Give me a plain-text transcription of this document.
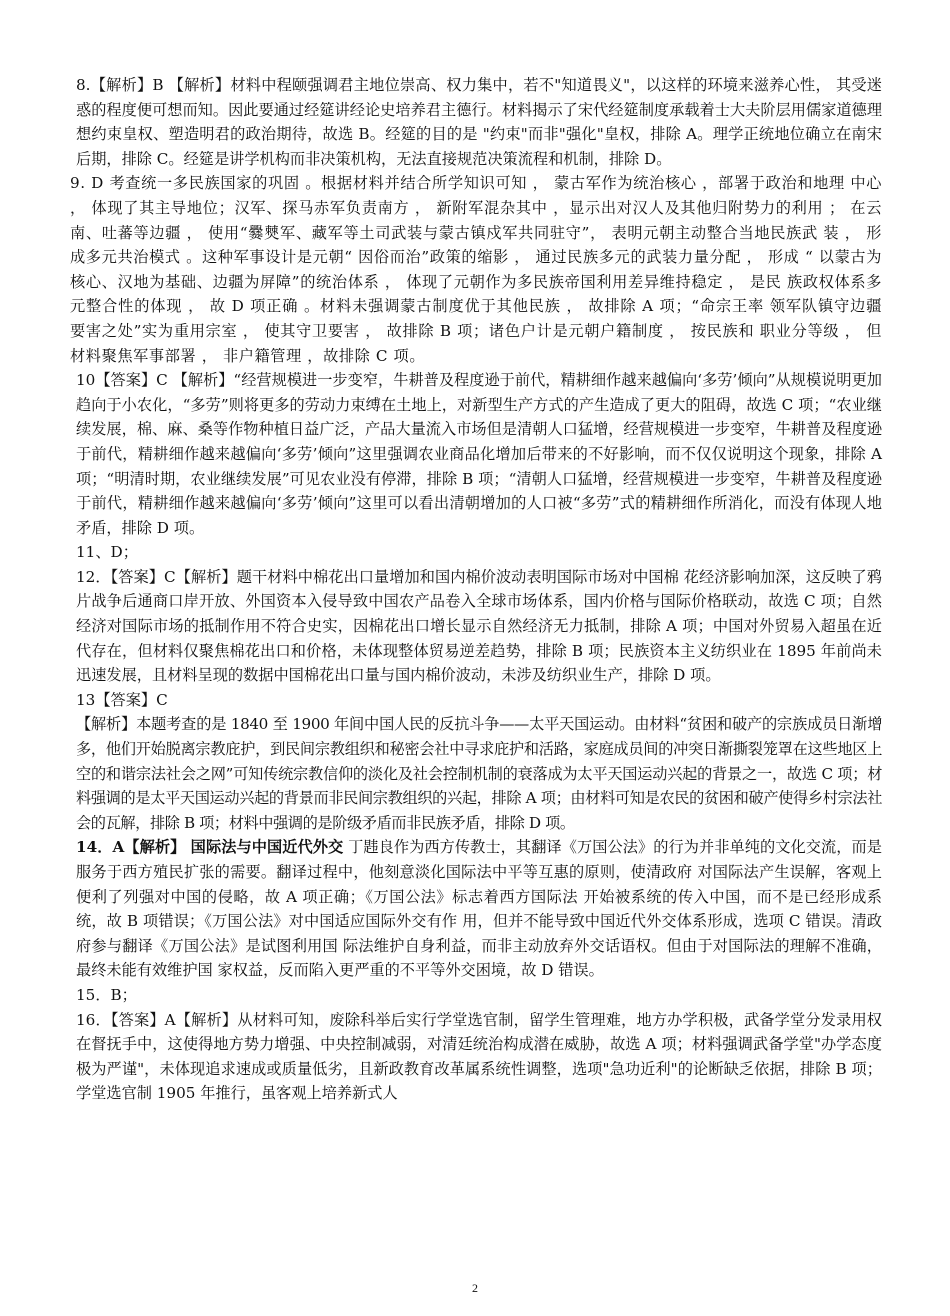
8.【解析】B 【解析】材料中程颐强调君主地位崇高、权力集中，若不"知道畏义"，以这样的环境来滋养心性， 其受迷惑的程度便可想而知。因此要通过经筵讲经论史培养君主德行。材料揭示了宋代经筵制度承载着士大夫阶层用儒家道德理想约束皇权、塑造明君的政治期待，故选 B。经筵的目的是 "约束"而非"强化"皇权，排除 A。理学正统地位确立在南宋后期，排除 C。经筵是讲学机构而非决策机构，无法直接规范决策流程和机制，排除 D。

9. D 考查统一多民族国家的巩固 。根据材料并结合所学知识可知 ， 蒙古军作为统治核心 ，部署于政治和地理 中心 ， 体现了其主导地位；汉军、探马赤军负责南方 ， 新附军混杂其中 ，显示出对汉人及其他归附势力的利用 ； 在云南、吐蕃等边疆 ， 使用“爨僰军、藏军等土司武装与蒙古镇戍军共同驻守”， 表明元朝主动整合当地民族武 装 ， 形成多元共治模式 。这种军事设计是元朝“ 因俗而治”政策的缩影 ， 通过民族多元的武装力量分配 ， 形成 “ 以蒙古为核心、汉地为基础、边疆为屏障”的统治体系 ， 体现了元朝作为多民族帝国利用差异维持稳定 ， 是民 族政权体系多元整合性的体现 ， 故 D 项正确 。材料未强调蒙古制度优于其他民族 ， 故排除 A 项；“命宗王率 领军队镇守边疆要害之处”实为重用宗室 ， 使其守卫要害 ， 故排除 B 项；诸色户计是元朝户籍制度 ， 按民族和 职业分等级 ， 但材料聚焦军事部署 ， 非户籍管理 ，故排除 C 项。

10【答案】C 【解析】“经营规模进一步变窄，牛耕普及程度逊于前代，精耕细作越来越偏向‘多劳’倾向”从规模说明更加趋向于小农化，“多劳”则将更多的劳动力束缚在土地上，对新型生产方式的产生造成了更大的阻碍，故选 C 项；“农业继续发展，棉、麻、桑等作物种植日益广泛，产品大量流入市场但是清朝人口猛增，经营规模进一步变窄，牛耕普及程度逊于前代，精耕细作越来越偏向‘多劳’倾向”这里强调农业商品化增加后带来的不好影响，而不仅仅说明这个现象，排除 A 项；“明清时期，农业继续发展”可见农业没有停滞，排除 B 项；“清朝人口猛增，经营规模进一步变窄，牛耕普及程度逊于前代，精耕细作越来越偏向‘多劳’倾向”这里可以看出清朝增加的人口被“多劳”式的精耕细作所消化，而没有体现人地矛盾，排除 D 项。

11、D；

12．【答案】C【解析】题干材料中棉花出口量增加和国内棉价波动表明国际市场对中国棉 花经济影响加深，这反映了鸦片战争后通商口岸开放、外国资本入侵导致中国农产品卷入全球市场体系，国内价格与国际价格联动，故选 C 项；自然经济对国际市场的抵制作用不符合史实，因棉花出口增长显示自然经济无力抵制，排除 A 项；中国对外贸易入超虽在近代存在，但材料仅聚焦棉花出口和价格，未体现整体贸易逆差趋势，排除 B 项；民族资本主义纺织业在 1895 年前尚未迅速发展，且材料呈现的数据中国棉花出口量与国内棉价波动，未涉及纺织业生产，排除 D 项。

13【答案】C

【解析】本题考查的是 1840 至 1900 年间中国人民的反抗斗争——太平天国运动。由材料“贫困和破产的宗族成员日渐增多，他们开始脱离宗教庇护，到民间宗教组织和秘密会社中寻求庇护和活路，家庭成员间的冲突日渐撕裂笼罩在这些地区上空的和谐宗法社会之网”可知传统宗教信仰的淡化及社会控制机制的衰落成为太平天国运动兴起的背景之一，故选 C 项；材料强调的是太平天国运动兴起的背景而非民间宗教组织的兴起，排除 A 项；由材料可知是农民的贫困和破产使得乡村宗法社会的瓦解，排除 B 项；材料中强调的是阶级矛盾而非民族矛盾，排除 D 项。

14．A【解析】 国际法与中国近代外交 丁韪良作为西方传教士，其翻译《万国公法》的行为并非单纯的文化交流，而是服务于西方殖民扩张的需要。翻译过程中，他刻意淡化国际法中平等互惠的原则，使清政府 对国际法产生误解，客观上便利了列强对中国的侵略，故 A 项正确；《万国公法》标志着西方国际法 开始被系统的传入中国，而不是已经形成系统，故 B 项错误；《万国公法》对中国适应国际外交有作 用，但并不能导致中国近代外交体系形成，选项 C 错误。清政府参与翻译《万国公法》是试图利用国 际法维护自身利益，而非主动放弃外交话语权。但由于对国际法的理解不准确，最终未能有效维护国 家权益，反而陷入更严重的不平等外交困境，故 D 错误。

15．B；

16．【答案】A【解析】从材料可知，废除科举后实行学堂选官制，留学生管理难，地方办学积极，武备学堂分发录用权在督抚手中，这使得地方势力增强、中央控制减弱，对清廷统治构成潜在威胁，故选 A 项；材料强调武备学堂"办学态度极为严谨"，未体现追求速成或质量低劣，且新政教育改革属系统性调整，选项"急功近利"的论断缺乏依据，排除 B 项；学堂选官制 1905 年推行，虽客观上培养新式人

2
